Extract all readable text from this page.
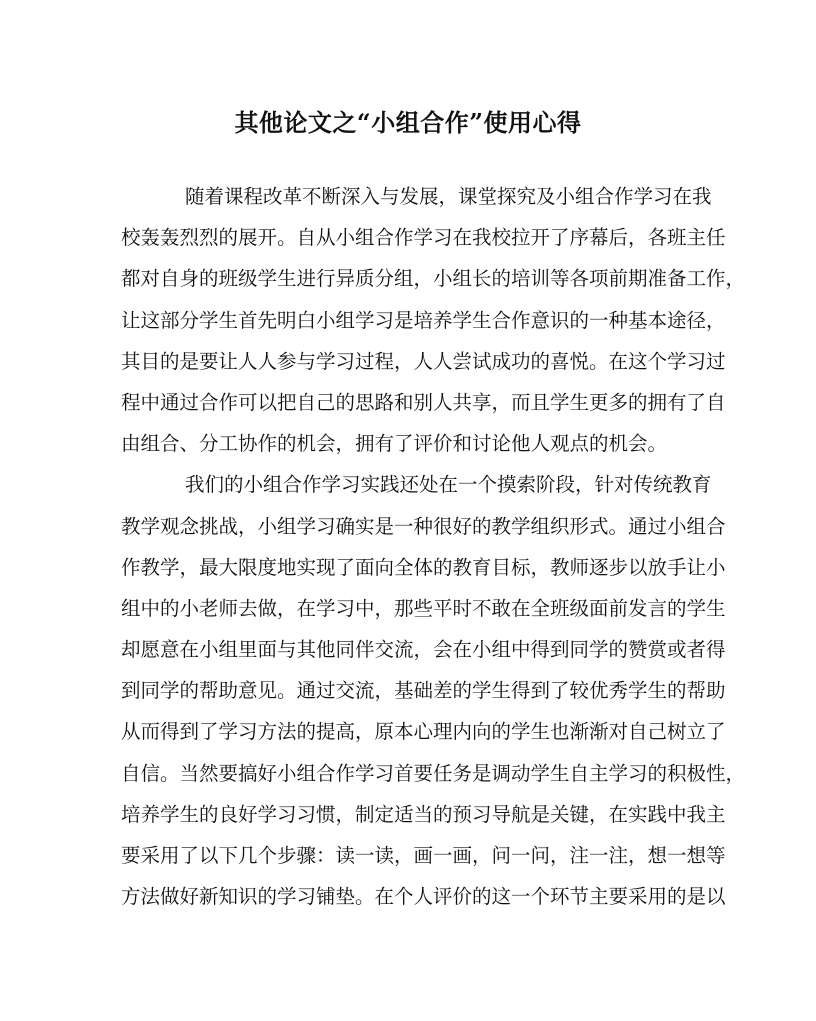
其他论文之“小组合作”使用心得
随着课程改革不断深入与发展，课堂探究及小组合作学习在我
校轰轰烈烈的展开。自从小组合作学习在我校拉开了序幕后，各班主任
都对自身的班级学生进行异质分组，小组长的培训等各项前期准备工作，
让这部分学生首先明白小组学习是培养学生合作意识的一种基本途径，
其目的是要让人人参与学习过程，人人尝试成功的喜悦。在这个学习过
程中通过合作可以把自己的思路和别人共享，而且学生更多的拥有了自
由组合、分工协作的机会，拥有了评价和讨论他人观点的机会。
我们的小组合作学习实践还处在一个摸索阶段，针对传统教育
教学观念挑战，小组学习确实是一种很好的教学组织形式。通过小组合
作教学，最大限度地实现了面向全体的教育目标，教师逐步以放手让小
组中的小老师去做，在学习中，那些平时不敢在全班级面前发言的学生
却愿意在小组里面与其他同伴交流，会在小组中得到同学的赞赏或者得
到同学的帮助意见。通过交流，基础差的学生得到了较优秀学生的帮助
从而得到了学习方法的提高，原本心理内向的学生也渐渐对自己树立了
自信。当然要搞好小组合作学习首要任务是调动学生自主学习的积极性，
培养学生的良好学习习惯，制定适当的预习导航是关键，在实践中我主
要采用了以下几个步骤：读一读，画一画，问一问，注一注，想一想等
方法做好新知识的学习铺垫。在个人评价的这一个环节主要采用的是以
